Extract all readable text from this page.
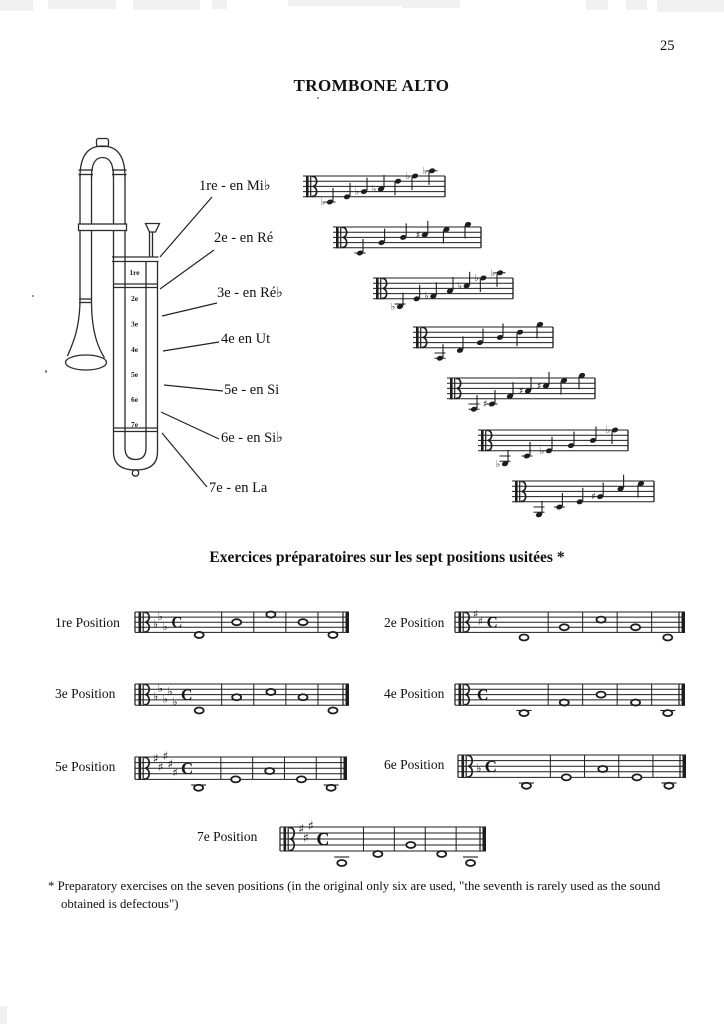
25
TROMBONE ALTO
1re
2e
3e
4e
5e
6e
7e
♭
♭ ♭
♭ ♭
♯
♭
♭
♭
♭ ♭
♯
♯ ♯
♭
♭
♭
♯
♭
♭
♭ C
♯
♯ C
♭
♭
♭
♭
♭ C	C
♯
♯
♯
♯
♯ C	♭ C
♯
♯
♯
C
1re - en Mi♭
2e - en Ré
3e - en Ré♭
4e en Ut
5e - en Si
6e - en Si♭
7e - en La
Exercices préparatoires sur les sept positions usitées *
1re Position	2e Position
3e Position	4e Position
5e Position	6e Position
7e Position
* Preparatory exercises on the seven positions (in the original only six are used, "the seventh is rarely used as the sound
obtained is defectous")
